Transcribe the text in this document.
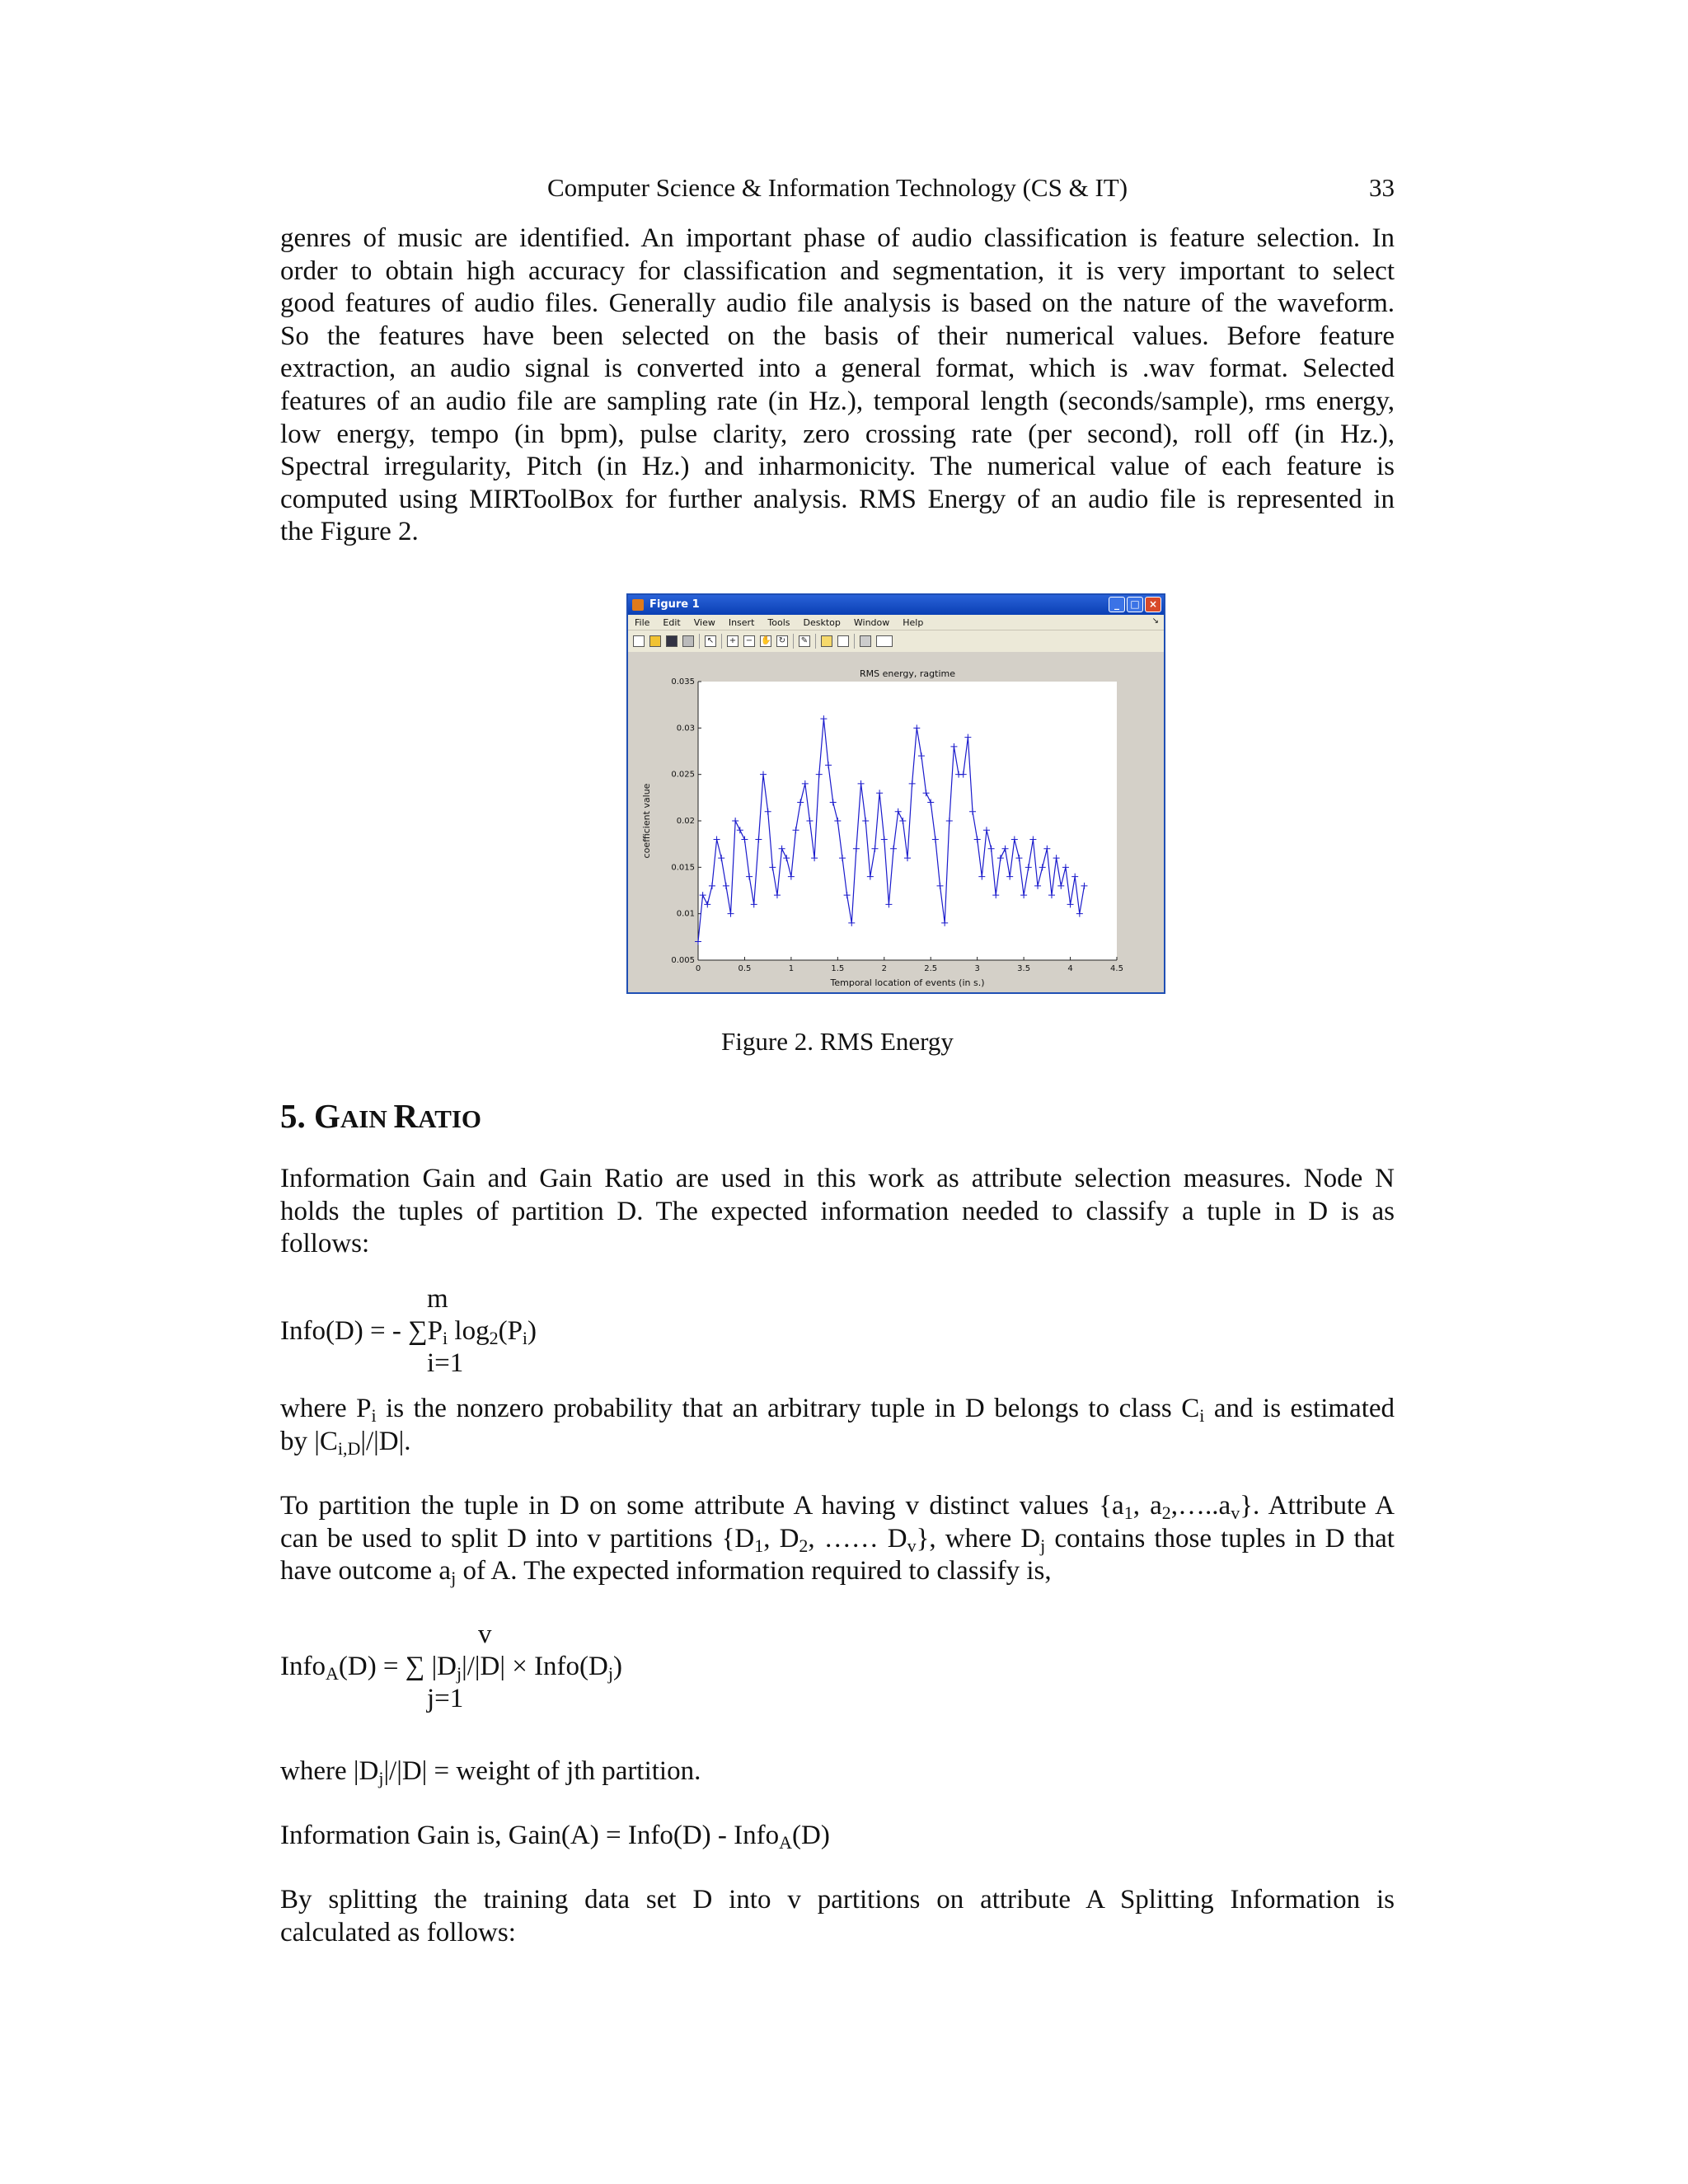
Computer Science & Information Technology (CS & IT)	33
genres of music are identified. An important phase of audio classification is feature selection. In
order to obtain high accuracy for classification and segmentation, it is very important to select
good features of audio files. Generally audio file analysis is based on the nature of the waveform.
So the features have been selected on the basis of their numerical values. Before feature
extraction, an audio signal is converted into a general format, which is .wav format. Selected
features of an audio file are sampling rate (in Hz.), temporal length (seconds/sample), rms energy,
low energy, tempo (in bpm), pulse clarity, zero crossing rate (per second), roll off (in Hz.),
Spectral irregularity, Pitch (in Hz.) and inharmonicity. The numerical value of each feature is
computed using MIRToolBox for further analysis. RMS Energy of an audio file is represented in
the Figure 2.
Figure 1	_	□ ×
File Edit View Insert Tools Desktop Window Help	↘
↖ + − ✋ ↻ ✎
0	0.5	1	1.5	2	2.5	3	3.5	4	4.5
0.005
0.01
0.015
0.02
0.025
0.03
0.035
RMS energy, ragtime
Temporal location of events (in s.)
coefficient value
Figure 2. RMS Energy
5. GAIN RATIO
Information Gain and Gain Ratio are used in this work as attribute selection measures. Node N
holds the tuples of partition D. The expected information needed to classify a tuple in D is as
follows:
m
Info(D) = - $\sum P_i$ $\log_2(P_i)$
i=1
where $P_i$ is the nonzero probability that an arbitrary tuple in D belongs to class $C_i$ and is estimated
by $|C_{i,D}|/|D|$.
To partition the tuple in D on some attribute A having v distinct values {$a_1$, $a_2,\dots..a_v$}. Attribute A
can be used to split D into v partitions {$D_1$, $D_2$, …… $D_v$}, where $D_j$ contains those tuples in D that
have outcome $a_j$ of A. The expected information required to classify is,
v
Info$_A$(D) = ∑ $|D_j|/|D|$ × $Info(D_j)$
j=1
where $|D_j|/|D|$ = weight of jth partition.
Information Gain is, Gain(A) = Info(D) - Info$_A$(D)
By splitting the training data set D into v partitions on attribute A Splitting Information is
calculated as follows:
